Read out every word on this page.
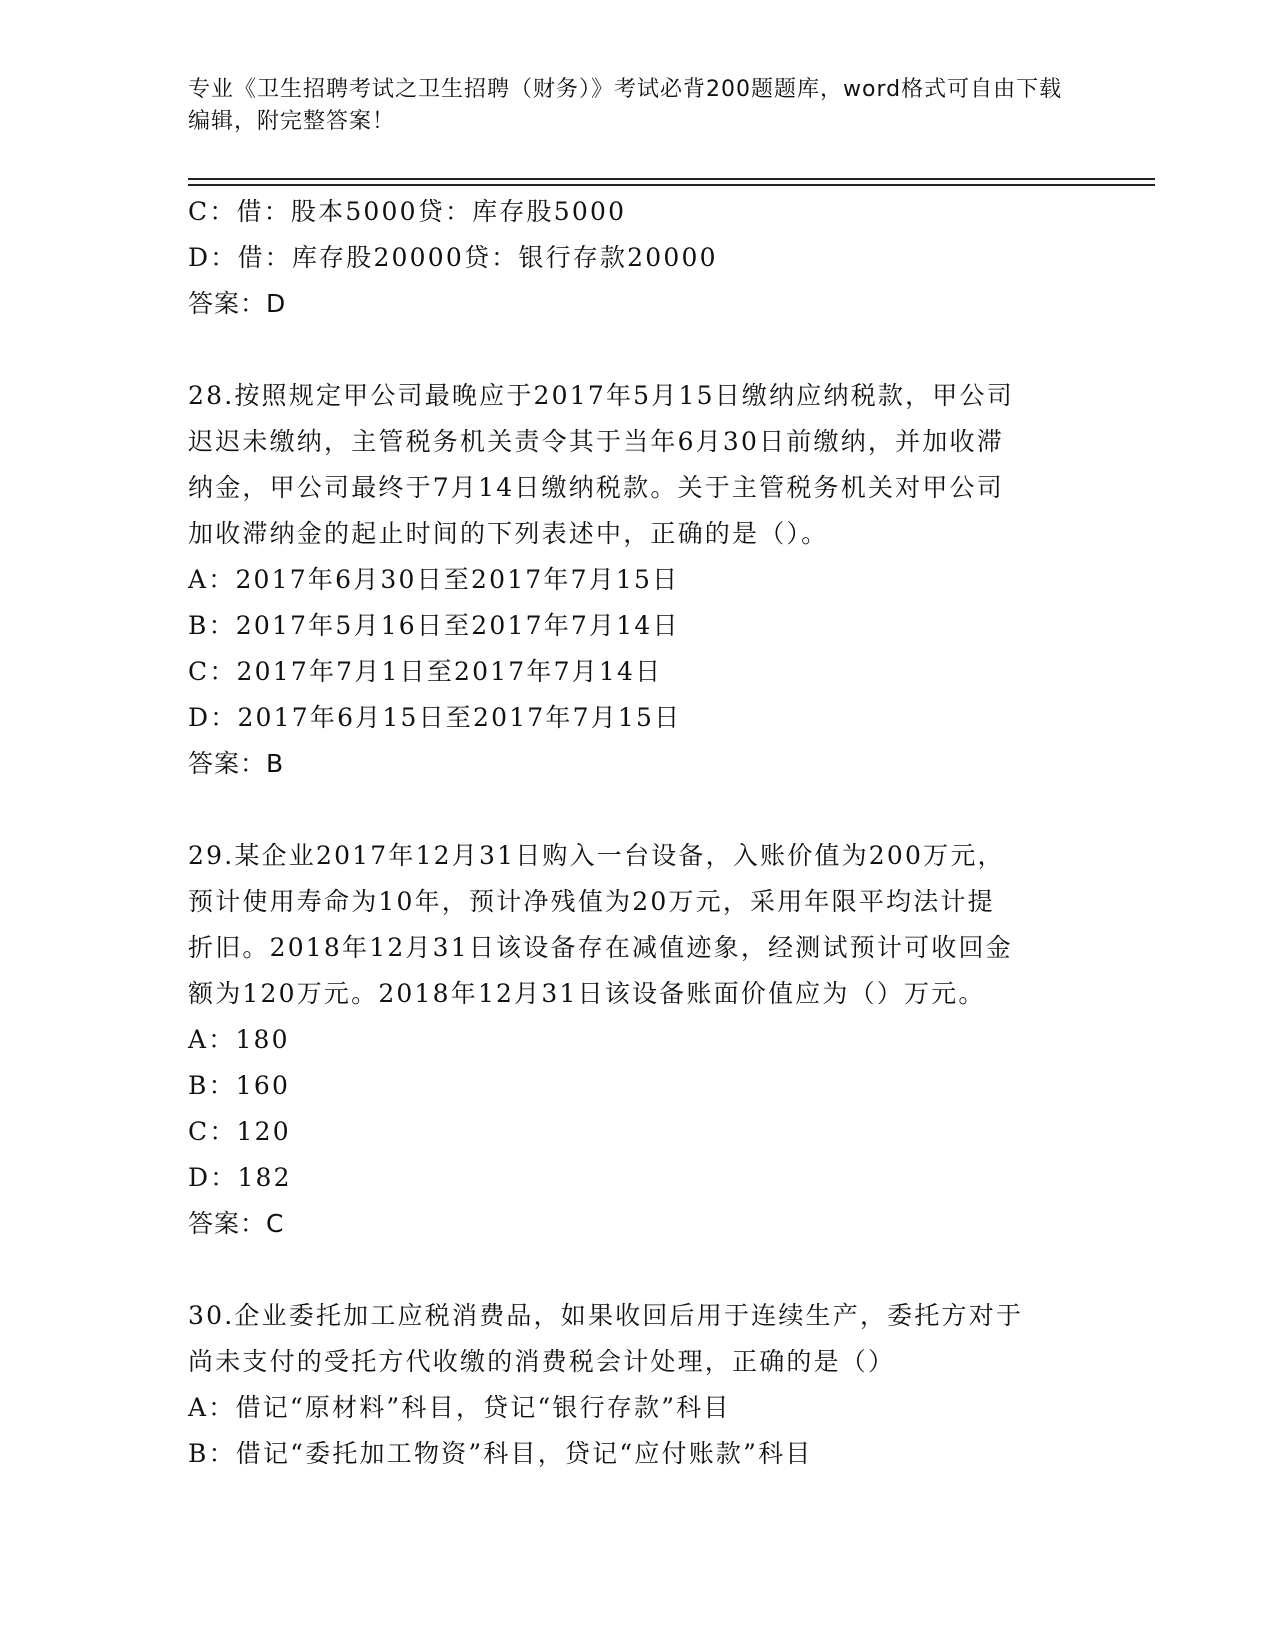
专业《卫生招聘考试之卫生招聘（财务）》考试必背200题题库，word格式可自由下载编辑，附完整答案！

C：借：股本5000贷：库存股5000
D：借：库存股20000贷：银行存款20000
答案：D
28.按照规定甲公司最晚应于2017年5月15日缴纳应纳税款，甲公司
迟迟未缴纳，主管税务机关责令其于当年6月30日前缴纳，并加收滞
纳金，甲公司最终于7月14日缴纳税款。关于主管税务机关对甲公司
加收滞纳金的起止时间的下列表述中，正确的是（）。
A：2017年6月30日至2017年7月15日
B：2017年5月16日至2017年7月14日
C：2017年7月1日至2017年7月14日
D：2017年6月15日至2017年7月15日
答案：B
29.某企业2017年12月31日购入一台设备，入账价值为200万元，
预计使用寿命为10年，预计净残值为20万元，采用年限平均法计提
折旧。2018年12月31日该设备存在减值迹象，经测试预计可收回金
额为120万元。2018年12月31日该设备账面价值应为（）万元。
A：180
B：160
C：120
D：182
答案：C
30.企业委托加工应税消费品，如果收回后用于连续生产，委托方对于
尚未支付的受托方代收缴的消费税会计处理，正确的是（）
A：借记“原材料”科目，贷记“银行存款”科目
B：借记“委托加工物资”科目，贷记“应付账款”科目
